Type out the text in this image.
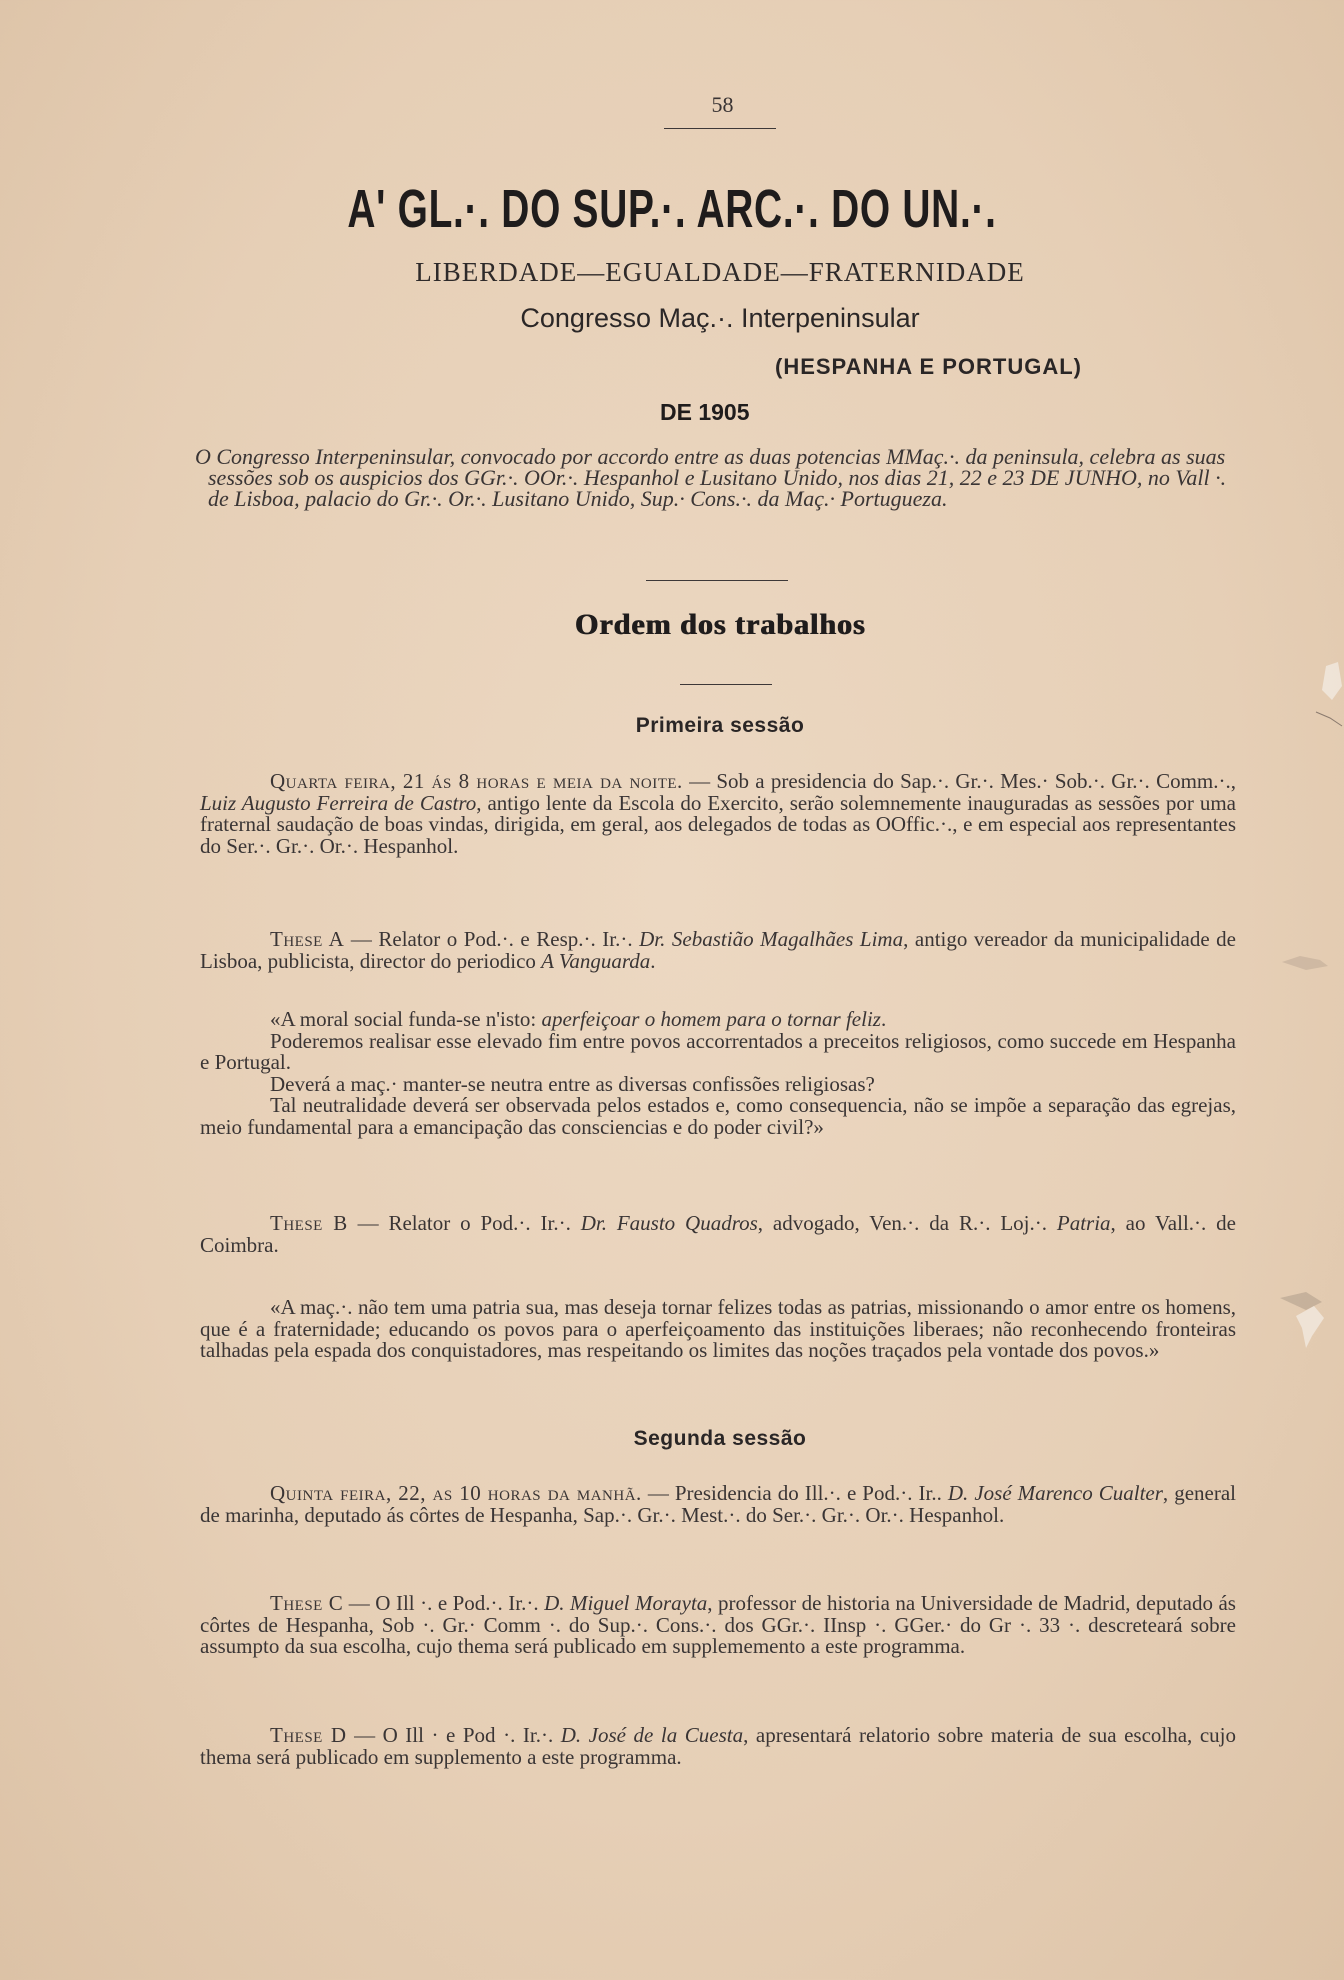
58
A' GL.·. DO SUP.·. ARC.·. DO UN.·.
LIBERDADE—EGUALDADE—FRATERNIDADE
Congresso Maç.·. Interpeninsular
(HESPANHA E PORTUGAL)
DE 1905
O Congresso Interpeninsular, convocado por accordo entre as duas potencias MMaç.·. da peninsula, celebra as suas sessões sob os auspicios dos GGr.·. OOr.·. Hespanhol e Lusitano Unido, nos dias 21, 22 e 23 DE JUNHO, no Vall ·. de Lisboa, palacio do Gr.·. Or.·. Lusitano Unido, Sup.· Cons.·. da Maç.· Portugueza.
Ordem dos trabalhos
Primeira sessão
Quarta feira, 21 ás 8 horas e meia da noite. — Sob a presidencia do Sap.·. Gr.·. Mes.· Sob.·. Gr.·. Comm.·., Luiz Augusto Ferreira de Castro, antigo lente da Escola do Exercito, serão solemnemente inauguradas as sessões por uma fraternal saudação de boas vindas, dirigida, em geral, aos delegados de todas as OOffic.·., e em especial aos representantes do Ser.·. Gr.·. Or.·. Hespanhol.
These A — Relator o Pod.·. e Resp.·. Ir.·. Dr. Sebastião Magalhães Lima, antigo vereador da municipalidade de Lisboa, publicista, director do periodico A Vanguarda.
«A moral social funda-se n'isto: aperfeiçoar o homem para o tornar feliz.
Poderemos realisar esse elevado fim entre povos accorrentados a preceitos religiosos, como succede em Hespanha e Portugal.
Deverá a maç.· manter-se neutra entre as diversas confissões religiosas?
Tal neutralidade deverá ser observada pelos estados e, como consequencia, não se impõe a separação das egrejas, meio fundamental para a emancipação das consciencias e do poder civil?»
These B — Relator o Pod.·. Ir.·. Dr. Fausto Quadros, advogado, Ven.·. da R.·. Loj.·. Patria, ao Vall.·. de Coimbra.
«A maç.·. não tem uma patria sua, mas deseja tornar felizes todas as patrias, missionando o amor entre os homens, que é a fraternidade; educando os povos para o aperfeiçoamento das instituições liberaes; não reconhecendo fronteiras talhadas pela espada dos conquistadores, mas respeitando os limites das noções traçados pela vontade dos povos.»
Segunda sessão
Quinta feira, 22, as 10 horas da manhã. — Presidencia do Ill.·. e Pod.·. Ir.. D. José Marenco Cualter, general de marinha, deputado ás côrtes de Hespanha, Sap.·. Gr.·. Mest.·. do Ser.·. Gr.·. Or.·. Hespanhol.
These C — O Ill ·. e Pod.·. Ir.·. D. Miguel Morayta, professor de historia na Universidade de Madrid, deputado ás côrtes de Hespanha, Sob ·. Gr.· Comm ·. do Sup.·. Cons.·. dos GGr.·. IInsp ·. GGer.· do Gr ·. 33 ·. descreteará sobre assumpto da sua escolha, cujo thema será publicado em supplememento a este programma.
These D — O Ill · e Pod ·. Ir.·. D. José de la Cuesta, apresentará relatorio sobre materia de sua escolha, cujo thema será publicado em supplemento a este programma.
